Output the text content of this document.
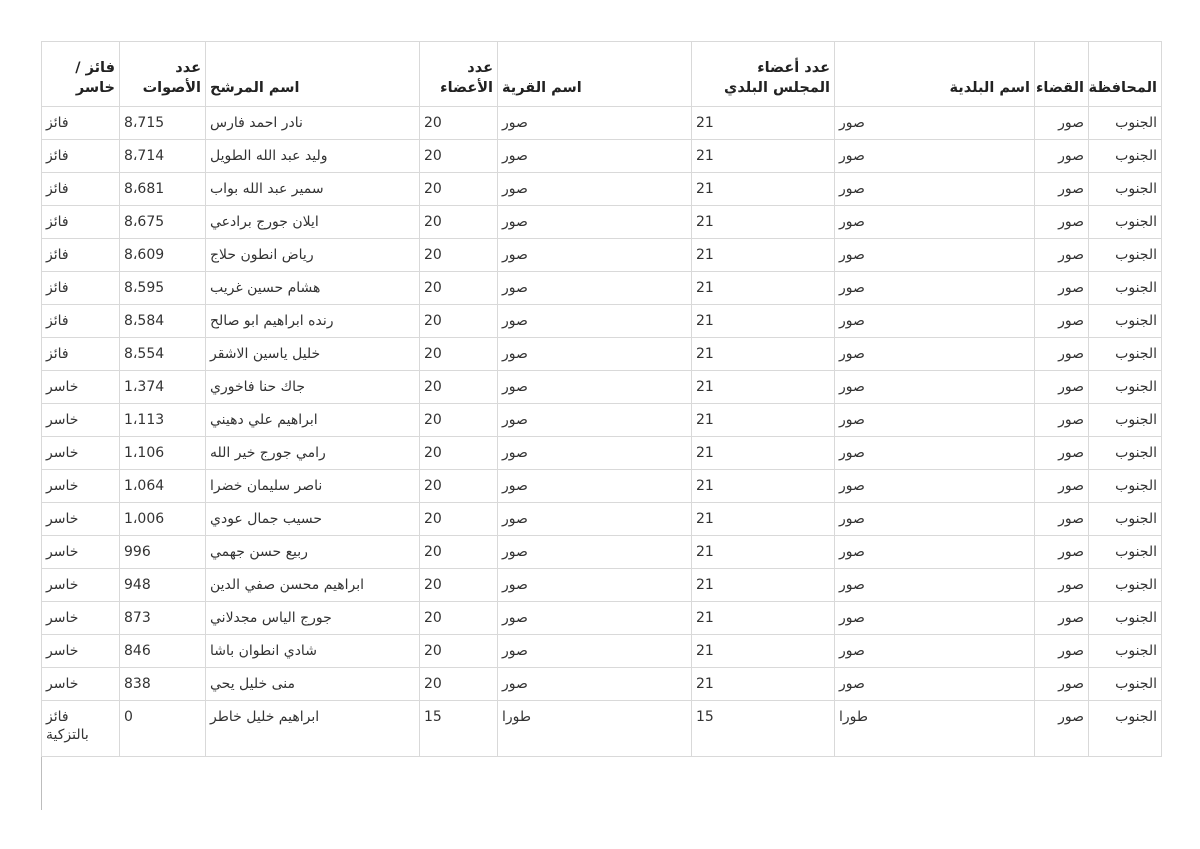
المحافظة	القضاء	اسم البلدية	عدد أعضاء المجلس البلدي	اسم القرية	عدد الأعضاء	اسم المرشح	عدد الأصوات	فائز / خاسر
الجنوب	صور	صور	21	صور	20	نادر احمد فارس	8،715	فائز
الجنوب	صور	صور	21	صور	20	وليد عبد الله الطويل	8،714	فائز
الجنوب	صور	صور	21	صور	20	سمير عبد الله بواب	8،681	فائز
الجنوب	صور	صور	21	صور	20	ايلان جورج برادعي	8،675	فائز
الجنوب	صور	صور	21	صور	20	رياض انطون حلاج	8،609	فائز
الجنوب	صور	صور	21	صور	20	هشام حسين غريب	8،595	فائز
الجنوب	صور	صور	21	صور	20	رنده ابراهيم ابو صالح	8،584	فائز
الجنوب	صور	صور	21	صور	20	خليل ياسين الاشقر	8،554	فائز
الجنوب	صور	صور	21	صور	20	جاك حنا فاخوري	1،374	خاسر
الجنوب	صور	صور	21	صور	20	ابراهيم علي دهيني	1،113	خاسر
الجنوب	صور	صور	21	صور	20	رامي جورج خير الله	1،106	خاسر
الجنوب	صور	صور	21	صور	20	ناصر سليمان خضرا	1،064	خاسر
الجنوب	صور	صور	21	صور	20	حسيب جمال عودي	1،006	خاسر
الجنوب	صور	صور	21	صور	20	ربيع حسن جهمي	996	خاسر
الجنوب	صور	صور	21	صور	20	ابراهيم محسن صفي الدين	948	خاسر
الجنوب	صور	صور	21	صور	20	جورج الياس مجدلاني	873	خاسر
الجنوب	صور	صور	21	صور	20	شادي انطوان باشا	846	خاسر
الجنوب	صور	صور	21	صور	20	منى خليل يحي	838	خاسر
الجنوب	صور	طورا	15	طورا	15	ابراهيم خليل خاطر	0	فائز بالتزكية
